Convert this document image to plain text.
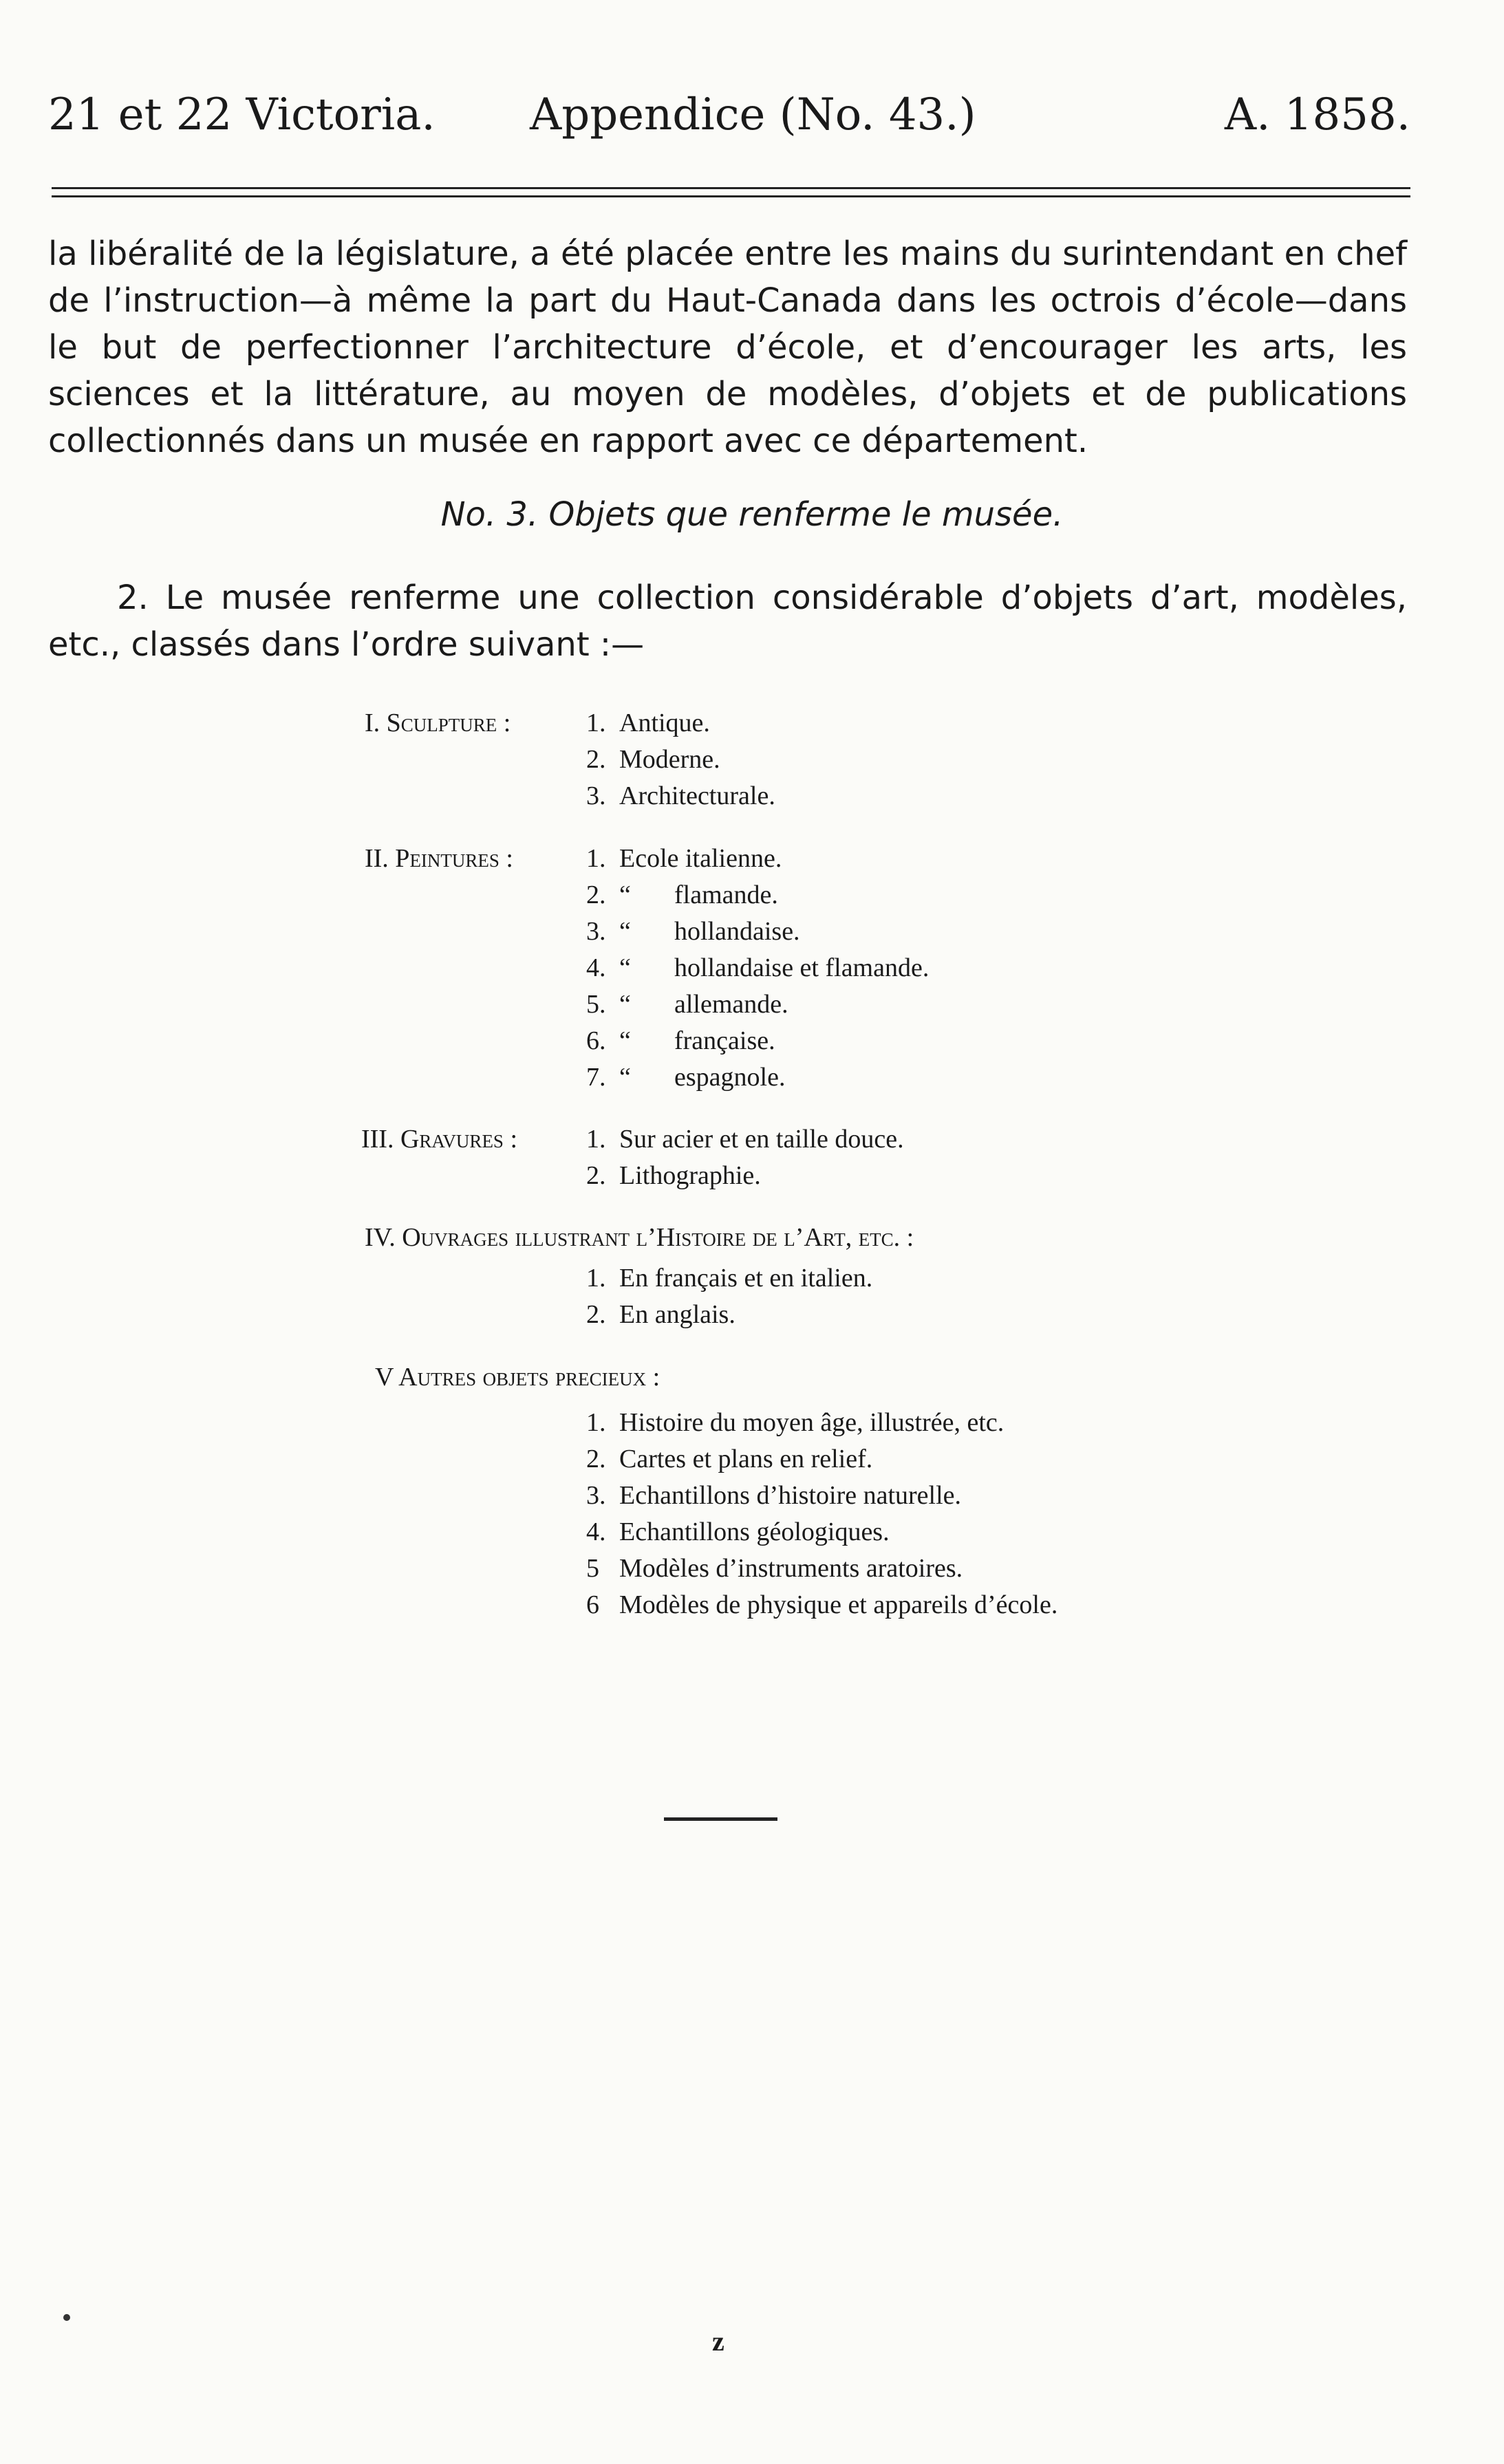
21 et 22 Victoria. Appendice (No. 43.)	A. 1858.
la libéralité de la législature, a été placée entre les mains du surintendant en chef de l’instruction—à même la part du Haut-Canada dans les octrois d’école—dans le but de perfectionner l’architecture d’école, et d’encourager les arts, les sciences et la littérature, au moyen de modèles, d’objets et de publications collectionnés dans un musée en rapport avec ce département.
No. 3. Objets que renferme le musée.
2. Le musée renferme une collection considérable d’objets d’art, modèles, etc., classés dans l’ordre suivant :—
I. Sculpture :	1. Antique.
2. Moderne.
3. Architecturale.
II. Peintures :	1. Ecole italienne.
2. “ flamande.
3. “ hollandaise.
4. “ hollandaise et flamande.
5. “ allemande.
6. “ française.
7. “ espagnole.
III. Gravures :	1. Sur acier et en taille douce.
2. Lithographie.
IV. Ouvrages illustrant l’Histoire de l’Art, etc. :
1. En français et en italien.
2. En anglais.
V Autres objets precieux :
1. Histoire du moyen âge, illustrée, etc.
2. Cartes et plans en relief.
3. Echantillons d’histoire naturelle.
4. Echantillons géologiques.
5 Modèles d’instruments aratoires.
6 Modèles de physique et appareils d’école.
z
